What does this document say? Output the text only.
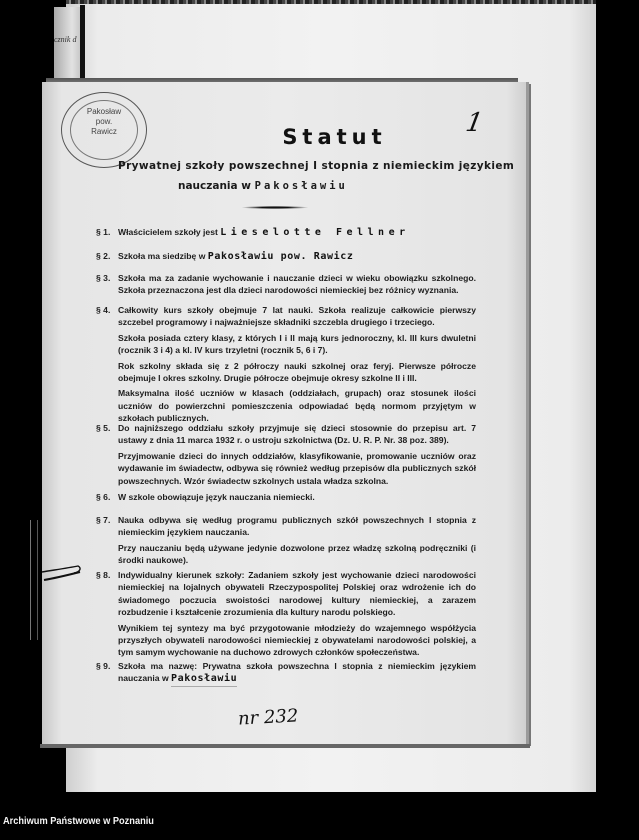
cznik d
Pakosław
pow.
Rawicz	1
Statut
Prywatnej szkoły powszechnej I stopnia z niemieckim językiem
nauczania w Pakosławiu
§ 1. Właścicielem szkoły jest Lieselotte Fellner
§ 2. Szkoła ma siedzibę w Pakosławiu pow. Rawicz
§ 3. Szkoła ma za zadanie wychowanie i nauczanie dzieci w wieku obowiązku szkolnego. Szkoła przeznaczona jest dla dzieci narodowości niemieckiej bez różnicy wyznania.
§ 4. Całkowity kurs szkoły obejmuje 7 lat nauki. Szkoła realizuje całkowicie pierwszy szczebel programowy i najważniejsze składniki szczebla drugiego i trzeciego.
Szkoła posiada cztery klasy, z których I i II mają kurs jednoroczny, kl. III kurs dwuletni (rocznik 3 i 4) a kl. IV kurs trzyletni (rocznik 5, 6 i 7).
Rok szkolny składa się z 2 półroczy nauki szkolnej oraz feryj. Pierwsze półrocze obejmuje I okres szkolny. Drugie półrocze obejmuje okresy szkolne II i III.
Maksymalna ilość uczniów w klasach (oddziałach, grupach) oraz stosunek ilości uczniów do powierzchni pomieszczenia odpowiadać będą normom przyjętym w szkołach publicznych.
§ 5. Do najniższego oddziału szkoły przyjmuje się dzieci stosownie do przepisu art. 7 ustawy z dnia 11 marca 1932 r. o ustroju szkolnictwa (Dz. U. R. P. Nr. 38 poz. 389).
Przyjmowanie dzieci do innych oddziałów, klasyfikowanie, promowanie uczniów oraz wydawanie im świadectw, odbywa się również według przepisów dla publicznych szkół powszechnych. Wzór świadectw szkolnych ustala władza szkolna.
§ 6. W szkole obowiązuje język nauczania niemiecki.
§ 7. Nauka odbywa się według programu publicznych szkół powszechnych I stopnia z niemieckim językiem nauczania.
Przy nauczaniu będą używane jedynie dozwolone przez władzę szkolną podręczniki (i środki naukowe).
§ 8. Indywidualny kierunek szkoły: Zadaniem szkoły jest wychowanie dzieci narodowości niemieckiej na lojalnych obywateli Rzeczypospolitej Polskiej oraz wdrożenie ich do świadomego poczucia swoistości narodowej kultury niemieckiej, a zarazem rozbudzenie i kształcenie zrozumienia dla kultury narodu polskiego.
Wynikiem tej syntezy ma być przygotowanie młodzieży do wzajemnego współżycia przyszłych obywateli narodowości niemieckiej z obywatelami narodowości polskiej, a tym samym wychowanie na duchowo zdrowych członków społeczeństwa.
§ 9. Szkoła ma nazwę: Prywatna szkoła powszechna I stopnia z niemieckim językiem nauczania w Pakosławiu
nr 232
Archiwum Państwowe w Poznaniu
